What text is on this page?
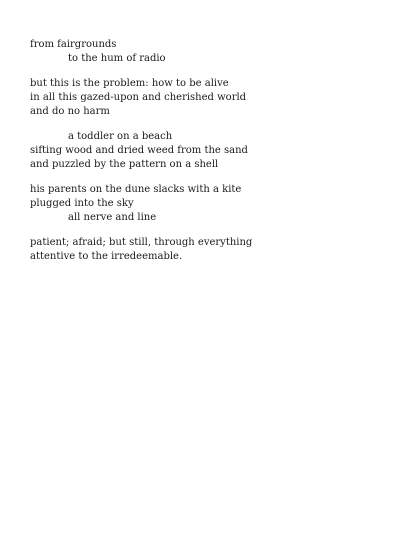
from fairgrounds
to the hum of radio
but this is the problem: how to be alive
in all this gazed-upon and cherished world
and do no harm
a toddler on a beach
sifting wood and dried weed from the sand
and puzzled by the pattern on a shell
his parents on the dune slacks with a kite
plugged into the sky
all nerve and line
patient; afraid; but still, through everything
attentive to the irredeemable.
